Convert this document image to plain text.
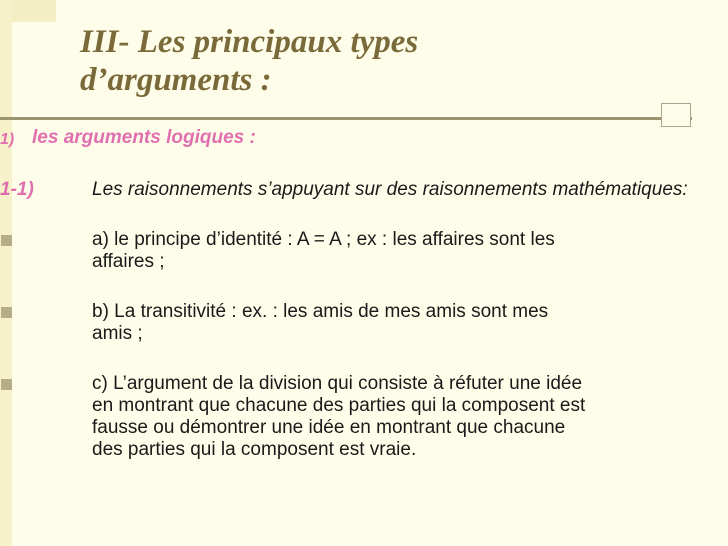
III- Les principaux types
d’arguments :
1) les arguments logiques :
1-1)	Les raisonnements s’appuyant sur des raisonnements mathématiques:
a) le principe d’identité : A = A ; ex : les affaires sont les
affaires ;
b) La transitivité : ex. : les amis de mes amis sont mes
amis ;
c) L’argument de la division qui consiste à réfuter une idée
en montrant que chacune des parties qui la composent est
fausse ou démontrer une idée en montrant que chacune
des parties qui la composent est vraie.
